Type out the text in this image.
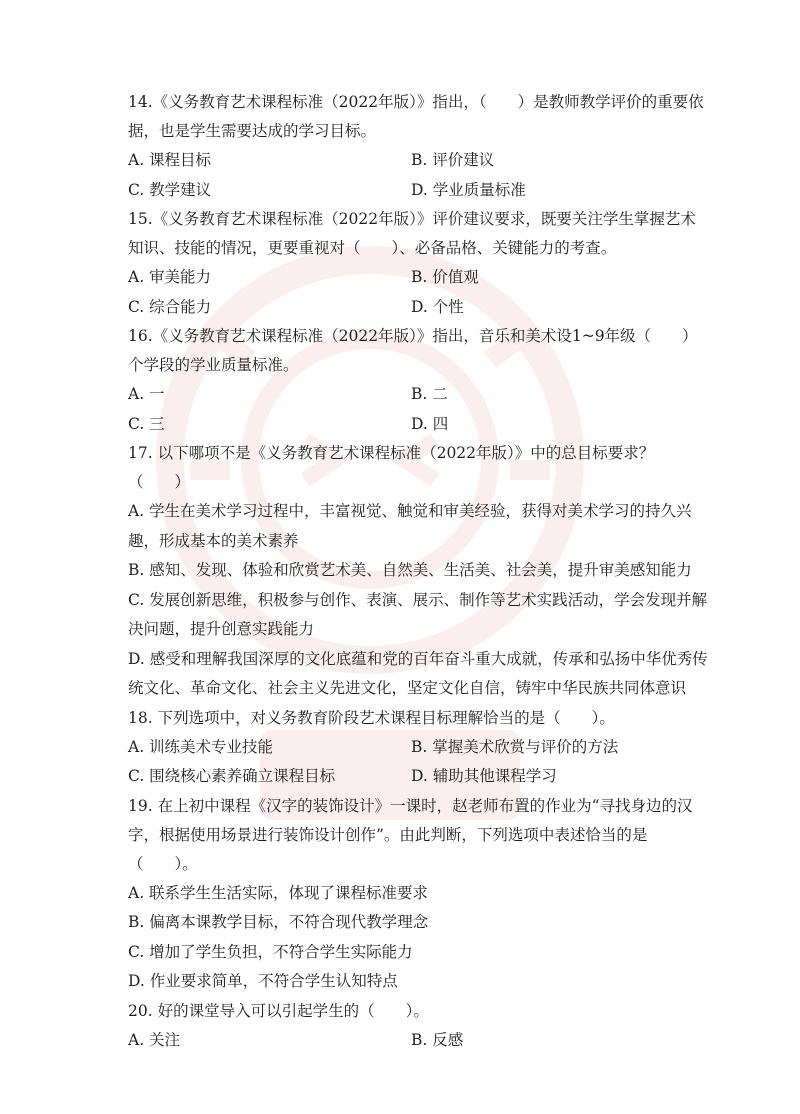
14.《义务教育艺术课程标准（2022年版）》指出，（　　）是教师教学评价的重要依据，也是学生需要达成的学习目标。

A. 课程目标	B. 评价建议
C. 教学建议	D. 学业质量标准

15.《义务教育艺术课程标准（2022年版）》评价建议要求，既要关注学生掌握艺术知识、技能的情况，更要重视对（　　）、必备品格、关键能力的考查。

A. 审美能力	B. 价值观
C. 综合能力	D. 个性

16.《义务教育艺术课程标准（2022年版）》指出，音乐和美术设1~9年级（　　）个学段的学业质量标准。

A. 一	B. 二
C. 三	D. 四

17. 以下哪项不是《义务教育艺术课程标准（2022年版）》中的总目标要求？（　　）

A. 学生在美术学习过程中，丰富视觉、触觉和审美经验，获得对美术学习的持久兴趣，形成基本的美术素养
B. 感知、发现、体验和欣赏艺术美、自然美、生活美、社会美，提升审美感知能力
C. 发展创新思维，积极参与创作、表演、展示、制作等艺术实践活动，学会发现并解决问题，提升创意实践能力
D. 感受和理解我国深厚的文化底蕴和党的百年奋斗重大成就，传承和弘扬中华优秀传统文化、革命文化、社会主义先进文化，坚定文化自信，铸牢中华民族共同体意识

18. 下列选项中，对义务教育阶段艺术课程目标理解恰当的是（　　）。

A. 训练美术专业技能	B. 掌握美术欣赏与评价的方法
C. 围绕核心素养确立课程目标	D. 辅助其他课程学习

19. 在上初中课程《汉字的装饰设计》一课时，赵老师布置的作业为“寻找身边的汉字，根据使用场景进行装饰设计创作”。由此判断，下列选项中表述恰当的是（　　）。

A. 联系学生生活实际，体现了课程标准要求
B. 偏离本课教学目标，不符合现代教学理念
C. 增加了学生负担，不符合学生实际能力
D. 作业要求简单，不符合学生认知特点

20. 好的课堂导入可以引起学生的（　　）。

A. 关注	B. 反感
